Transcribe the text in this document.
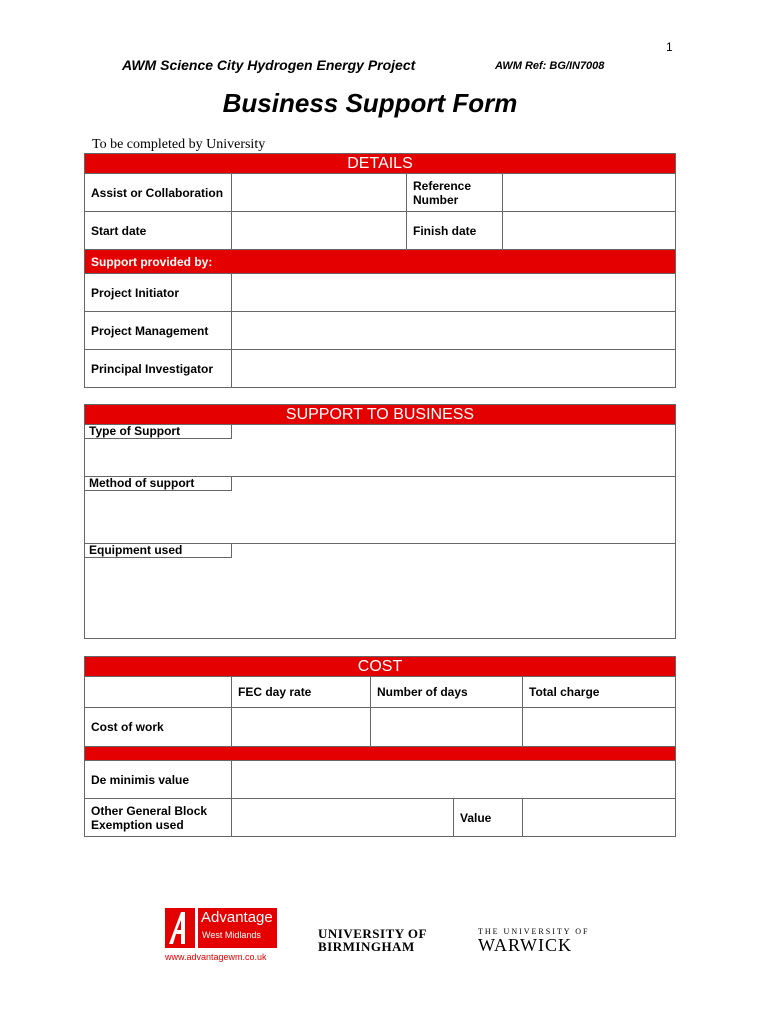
1
AWM Science City Hydrogen Energy Project	AWM Ref: BG/IN7008
Business Support Form
To be completed by University
DETAILS			
Assist or Collaboration		Reference Number	
Start date		Finish date	
Support provided by:			
Project Initiator			
Project Management			
Principal Investigator			
SUPPORT TO BUSINESS

Type of Support

Method of support

Equipment used
COST				
	FEC day rate	Number of days		Total charge
Cost of work				

De minimis value				
Other General Block Exemption used			Value	
Advantage
West Midlands
www.advantagewm.co.uk
UNIVERSITY OF
BIRMINGHAM
THE UNIVERSITY OF
WARWICK
